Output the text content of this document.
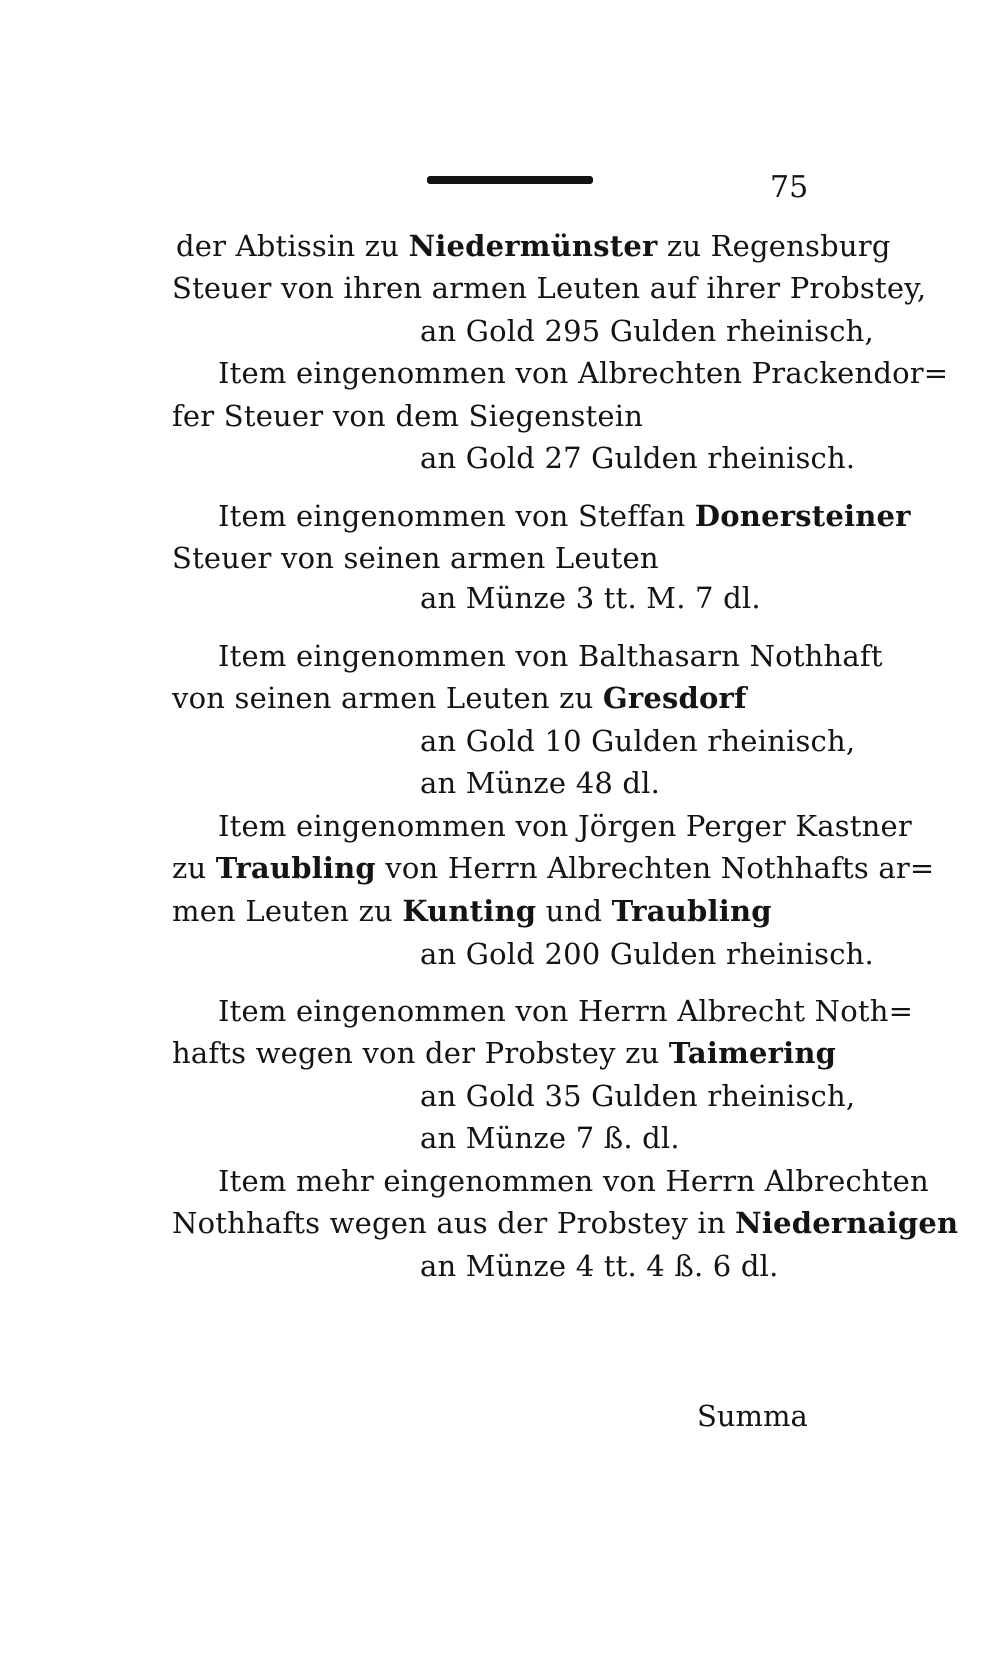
75
der Abtissin zu Niedermünster zu Regensburg
Steuer von ihren armen Leuten auf ihrer Probstey,
an Gold 295 Gulden rheinisch,
Item eingenommen von Albrechten Prackendor=
fer Steuer von dem Siegenstein
an Gold 27 Gulden rheinisch.
Item eingenommen von Steffan Donersteiner
Steuer von seinen armen Leuten
an Münze 3 tt. M. 7 dl.
Item eingenommen von Balthasarn Nothhaft
von seinen armen Leuten zu Gresdorf
an Gold 10 Gulden rheinisch,
an Münze 48 dl.
Item eingenommen von Jörgen Perger Kastner
zu Traubling von Herrn Albrechten Nothhafts ar=
men Leuten zu Kunting und Traubling
an Gold 200 Gulden rheinisch.
Item eingenommen von Herrn Albrecht Noth=
hafts wegen von der Probstey zu Taimering
an Gold 35 Gulden rheinisch,
an Münze 7 ß. dl.
Item mehr eingenommen von Herrn Albrechten
Nothhafts wegen aus der Probstey in Niedernaigen
an Münze 4 tt. 4 ß. 6 dl.
Summa
